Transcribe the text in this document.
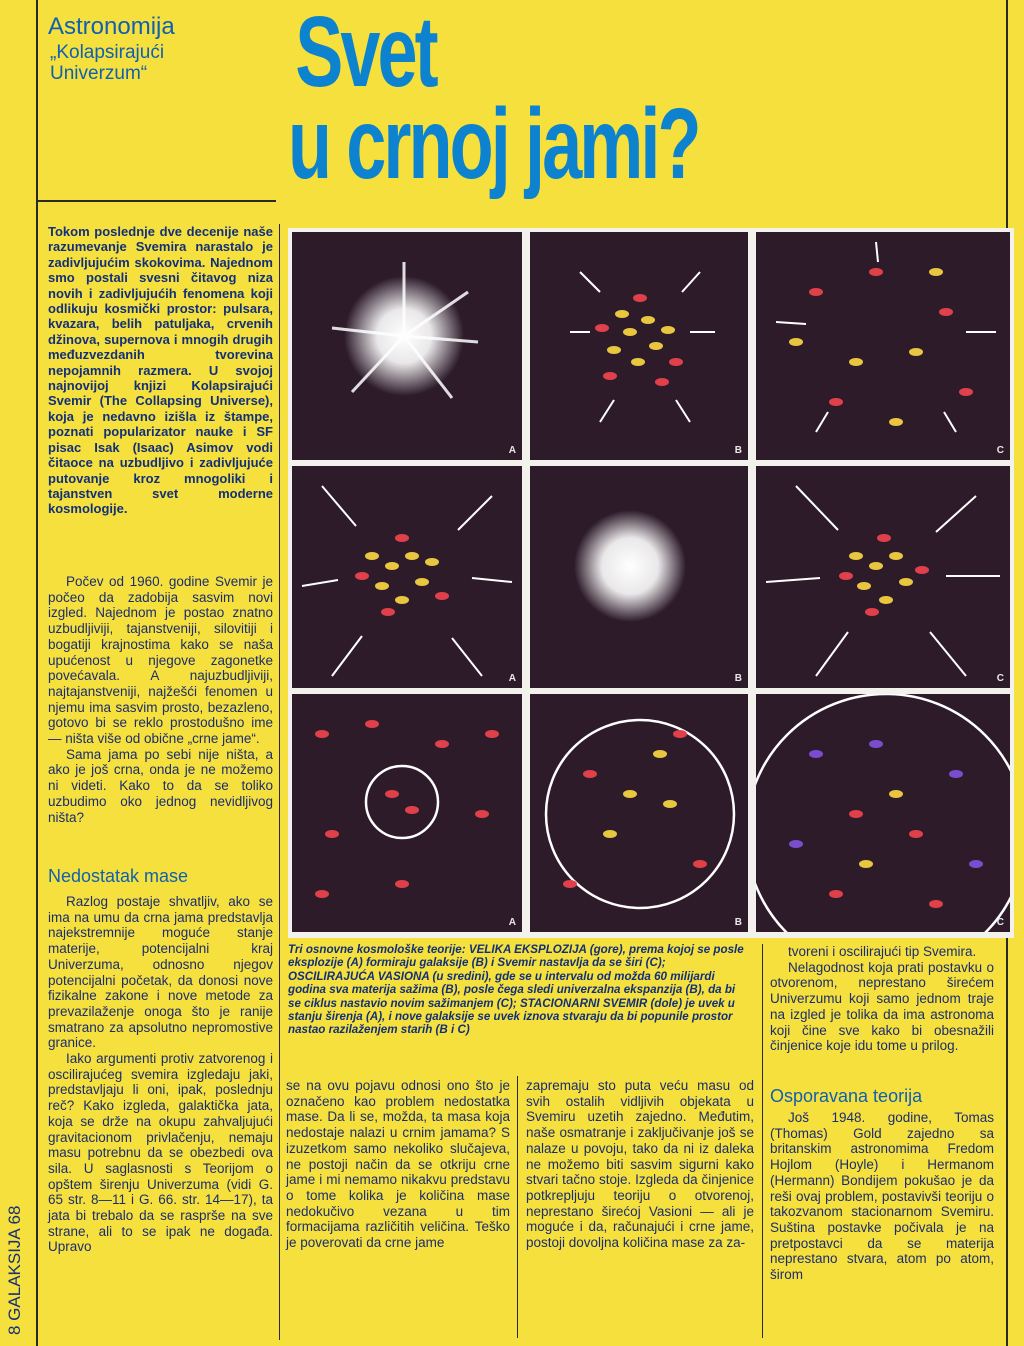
Astronomija
„Kolapsirajući Univerzum“	Svet
u crnoj jami?
Tokom poslednje dve decenije naše razumevanje Svemira narastalo je zadivljujućim skokovima. Najednom smo postali svesni čitavog niza novih i zadivljujućih fenomena koji odlikuju kosmički prostor: pulsara, kvazara, belih patuljaka, crvenih džinova, supernova i mnogih drugih međuzvezdanih tvorevina nepojamnih razmera. U svojoj najnovijoj knjizi Kolapsirajući Svemir (The Collapsing Universe), koja je nedavno izišla iz štampe, poznati popularizator nauke i SF pisac Isak (Isaac) Asimov vodi čitaoce na uzbudljivo i zadivljujuće putovanje kroz mnogoliki i tajanstven svet moderne kosmologije.

Počev od 1960. godine Svemir je počeo da zadobija sasvim novi izgled. Najednom je postao znatno uzbudljiviji, tajanstveniji, silovitiji i bogatiji krajnostima kako se naša upućenost u njegove zagonetke povećavala. A najuzbudljiviji, najtajanstveniji, najžešći fenomen u njemu ima sasvim prosto, bezazleno, gotovo bi se reklo prostodušno ime — ništa više od obične „crne jame“.

Sama jama po sebi nije ništa, a ako je još crna, onda je ne možemo ni videti. Kako to da se toliko uzbudimo oko jednog nevidljivog ništa?

Nedostatak mase

Razlog postaje shvatljiv, ako se ima na umu da crna jama predstavlja najekstremnije moguće stanje materije, potencijalni kraj Univerzuma, odnosno njegov potencijalni početak, da donosi nove fizikalne zakone i nove metode za prevazilaženje onoga što je ranije smatrano za apsolutno nepromostive granice.

Iako argumenti protiv zatvorenog i oscilirajućeg svemira izgledaju jaki, predstavljaju li oni, ipak, poslednju reč? Kako izgleda, galaktička jata, koja se drže na okupu zahvaljujući gravitacionom privlačenju, nemaju masu potrebnu da se obezbedi ova sila. U saglasnosti s Teorijom o opštem širenju Univerzuma (vidi G. 65 str. 8—11 i G. 66. str. 14—17), ta jata bi trebalo da se rasprše na sve strane, ali to se ipak ne događa. Upravo

A	B	C
A	B	C
A	B	C
Tri osnovne kosmološke teorije: VELIKA EKSPLOZIJA (gore), prema kojoj se posle eksplozije (A) formiraju galaksije (B) i Svemir nastavlja da se širi (C); OSCILIRAJUĆA VASIONA (u sredini), gde se u intervalu od možda 60 milijardi godina sva materija sažima (B), posle čega sledi univerzalna ekspanzija (B), da bi se ciklus nastavio novim sažimanjem (C); STACIONARNI SVEMIR (dole) je uvek u stanju širenja (A), i nove galaksije se uvek iznova stvaraju da bi popunile prostor nastao razilaženjem starih (B i C)
se na ovu pojavu odnosi ono što je označeno kao problem nedostatka mase. Da li se, možda, ta masa koja nedostaje nalazi u crnim jamama? S izuzetkom samo nekoliko slučajeva, ne postoji način da se otkriju crne jame i mi nemamo nikakvu predstavu o tome kolika je količina mase nedokučivo vezana u tim formacijama različitih veličina. Teško je poverovati da crne jame
zapremaju sto puta veću masu od svih ostalih vidljivih objekata u Svemiru uzetih zajedno. Međutim, naše osmatranje i zaključivanje još se nalaze u povoju, tako da ni iz daleka ne možemo biti sasvim sigurni kako stvari tačno stoje. Izgleda da činjenice potkrepljuju teoriju o otvorenoj, neprestano širećoj Vasioni — ali je moguće i da, računajući i crne jame, postoji dovoljna količina mase za za-

tvoreni i oscilirajući tip Svemira.

Nelagodnost koja prati postavku o otvorenom, neprestano širećem Univerzumu koji samo jednom traje na izgled je tolika da ima astronoma koji čine sve kako bi obesnažili činjenice koje idu tome u prilog.

Osporavana teorija

Još 1948. godine, Tomas (Thomas) Gold zajedno sa britanskim astronomima Fredom Hojlom (Hoyle) i Hermanom (Hermann) Bondijem pokušao je da reši ovaj problem, postavivši teoriju o takozvanom stacionarnom Svemiru. Suština postavke počivala je na pretpostavci da se materija neprestano stvara, atom po atom, širom

8 GALAKSIJA 68
